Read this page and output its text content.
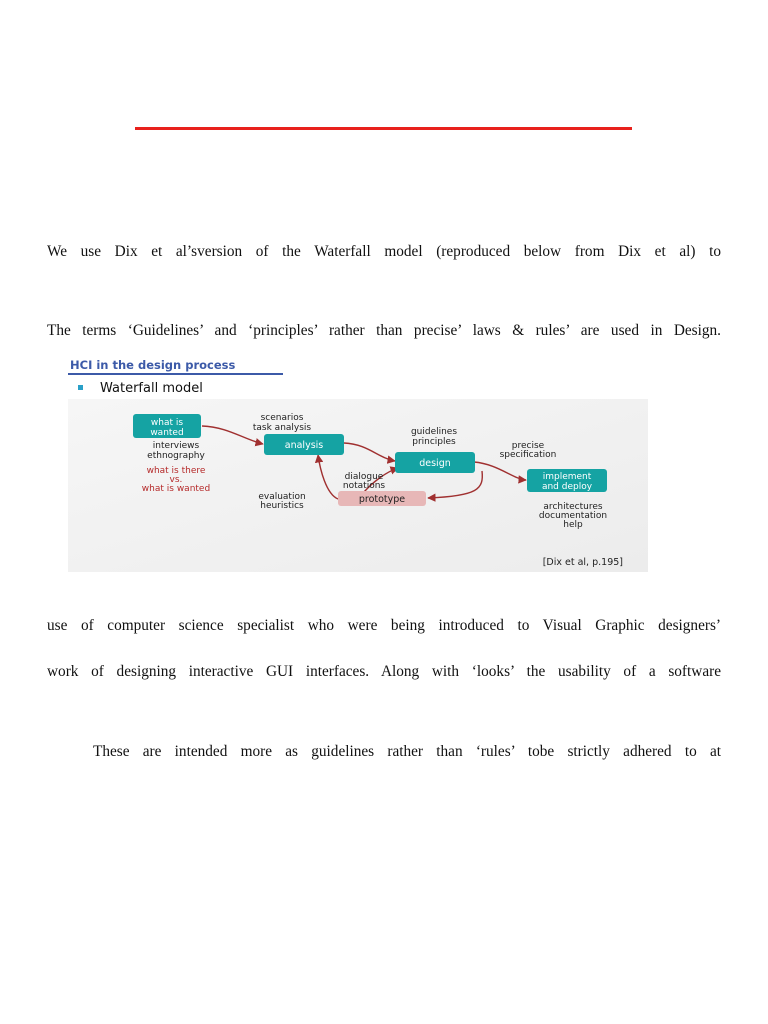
We use Dix et al’sversion of the Waterfall model (reproduced below from Dix et al) to
The terms ‘Guidelines’ and ‘principles’ rather than precise’ laws & rules’ are used in Design.
HCI in the design process
Waterfall model
what is
wanted
analysis
design
implement
and deploy
prototype
scenarios
task analysis
interviews
ethnography
what is there
vs.
what is wanted
guidelines
principles	precise
specification
dialogue
notations
evaluation
heuristics	architectures
documentation
help
[Dix et al, p.195]
use of computer science specialist who were being introduced to Visual Graphic designers’
work of designing interactive GUI interfaces. Along with ‘looks’ the usability of a software
These are intended more as guidelines rather than ‘rules’ tobe strictly adhered to at
